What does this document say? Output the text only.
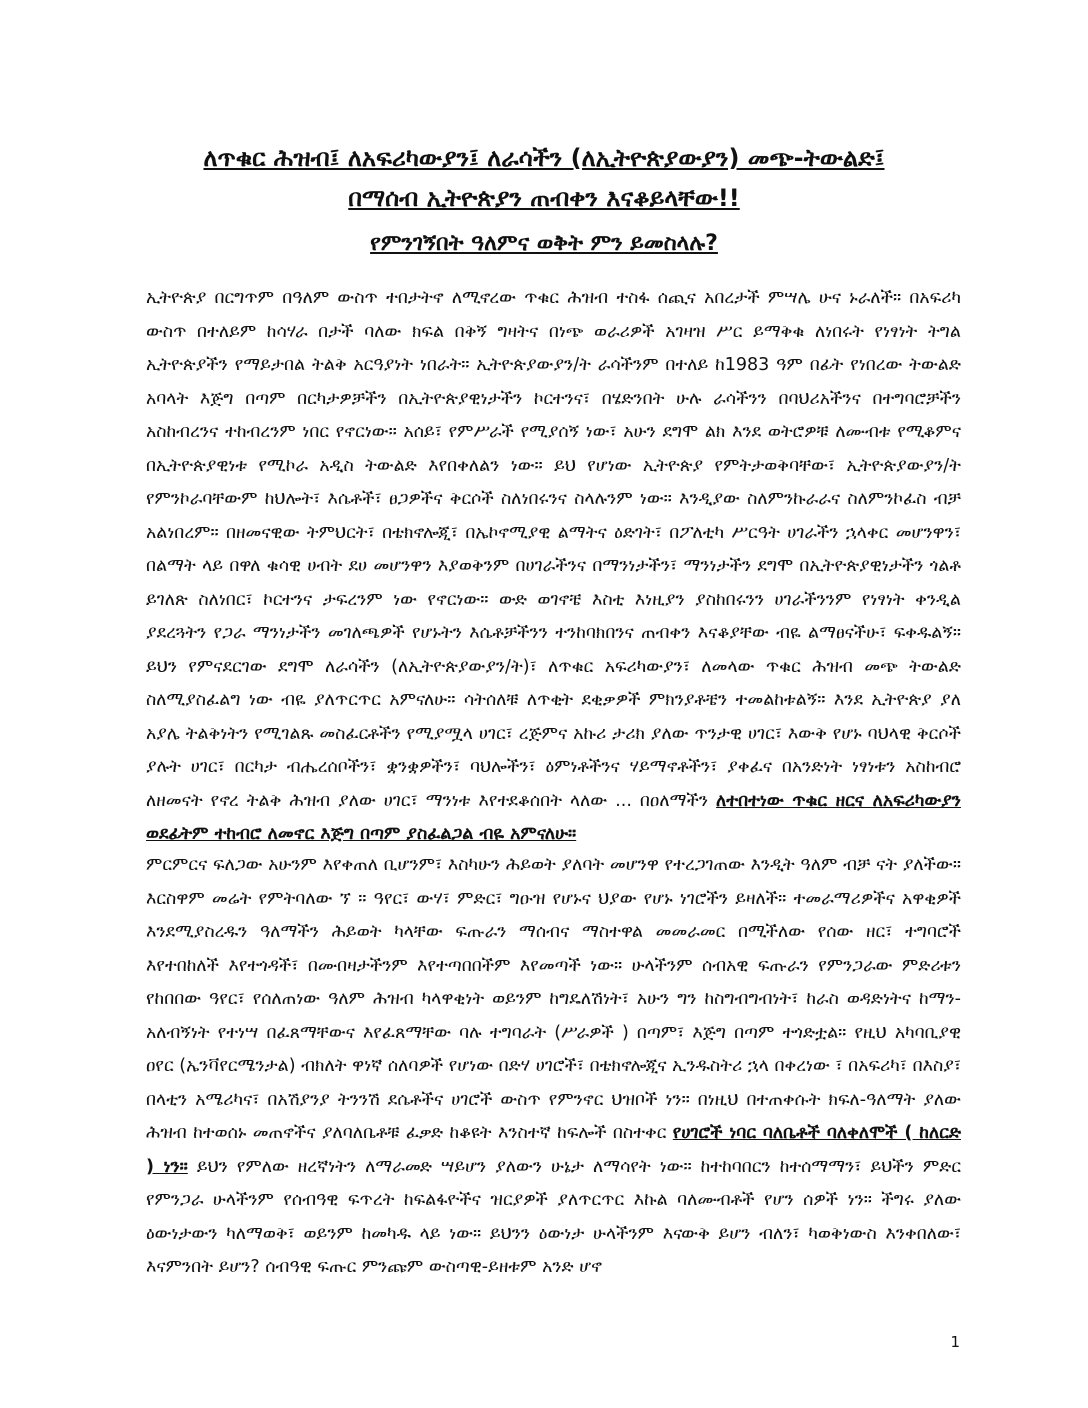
ለጥቁር ሕዝብ፤ ለአፍሪካውያን፤ ለራሳችን (ለኢትዮጵያውያን) መጭ-ትውልድ፤
በማሰብ ኢትዮጵያን ጠብቀን እናቆይላቸው!!
የምንገኝበት ዓለምና ወቅት ምን ይመስላሉ?
ኢትዮጵያ በርግጥም በዓለም ውስጥ ተበታትኖ ለሚኖረው ጥቁር ሕዝብ ተስፋ ሰጪና አበረታች ምሣሌ ሁና ኑራለች። በአፍሪካ ውስጥ በተለይም ከሳሃራ በታች ባለው ክፍል በቅኝ ግዛትና በነጭ ወራሪዎች አገዛዝ ሥር ይማቅቁ ለነበሩት የነፃነት ትግል ኢትዮጵያችን የማይታበል ትልቅ አርዓያነት ነበራት። ኢትዮጵያውያን/ት ራሳችንም በተለይ ከ1983 ዓም በፊት የነበረው ትውልድ አባላት እጅግ በጣም በርካታዎቻችን በኢትዮጵያዊነታችን ኮርተንና፣ በሄድንበት ሁሉ ራሳችንን በባህሪአችንና በተግባሮቻችን አስከብረንና ተከብረንም ነበር የኖርነው። አሰይ፣ የምሥራች የሚያሰኝ ነው፣ አሁን ደግሞ ልክ እንደ ወትሮዎቹ ለሙብቱ የሚቆምና በኢትዮጵያዊነቱ የሚኮራ አዲስ ትውልድ እየበቀለልን ነው። ይህ የሆነው ኢትዮጵያ የምትታወቅባቸው፣ ኢትዮጵያውያን/ት የምንኮራባቸውም ከህሎት፣ እሴቶች፣ ፀጋዎችና ቅርሶች ስለነበሩንና ስላሉንም ነው። እንዲያው ስለምንኩራራና ስለምንኮፈስ ብቻ አልነበረም። በዘመናዊው ትምህርት፣ በቴክኖሎጂ፣ በኤኮኖሚያዊ ልማትና ዕድገት፣ በፖለቲካ ሥርዓት ሀገራችን ኋላቀር መሆንዋን፣ በልማት ላይ በዋለ ቁሳዊ ሀብት ደሀ መሆንዋን እያወቅንም በሀገራችንና በማንነታችን፣ ማንነታችን ደግሞ በኢትዮጵያዊነታችን ጎልቶ ይገለጽ ስለነበር፣ ኮርተንና ታፍረንም ነው የኖርነው። ውድ ወገኖቼ እስቲ እነዚያን ያስከበሩንን ሀገራችንንም የነፃነት ቀንዲል ያደረጓትን የጋራ ማንነታችን መገለጫዎች የሆኑትን እሴቶቻችንን ተንከባክበንና ጠብቀን እናቆያቸው ብዬ ልማፀናችሁ፣ ፍቀዱልኝ። ይህን የምናደርገው ደግሞ ለራሳችን (ለኢትዮጵያውያን/ት)፣ ለጥቁር አፍሪካውያን፣ ለመላው ጥቁር ሕዝብ መጭ ትውልድ ስለሚያስፈልግ ነው ብዬ ያለጥርጥር አምናለሁ። ሳትሰለቹ ለጥቂት ደቂቃዎች ምክንያቶቼን ተመልከቱልኝ። እንደ ኢትዮጵያ ያለ አያሌ ትልቅነትን የሚገልጹ መስፈርቶችን የሚያሟላ ሀገር፣ ረጅምና አኩሪ ታሪክ ያለው ጥንታዊ ሀገር፣ እውቅ የሆኑ ባህላዊ ቅርሶች ያሉት ሀገር፣ በርካታ ብሔረሰቦችን፣ ቋንቋዎችን፣ ባህሎችን፣ ዕምነቶችንና ሃይማኖቶችን፣ ያቀፈና በአንድነት ነፃነቱን አስከብሮ ለዘመናት የኖረ ትልቅ ሕዝብ ያለው ሀገር፣ ማንነቱ እየተደቆሰበት ላለው ... በዐለማችን ለተበተነው ጥቁር ዘርና ለአፍሪካውያን ወደፊትም ተከብሮ ለመኖር እጅግ በጣም ያስፈልጋል ብዬ አምናለሁ።
ምርምርና ፍለጋው አሁንም እየቀጠለ ቢሆንም፣ እስካሁን ሕይወት ያለባት መሆንዋ የተረጋገጠው እንዲት ዓለም ብቻ ናት ያለችው። እርስዋም መሬት የምትባለው ኘ ። ዓየር፣ ውሃ፣ ምድር፣ ግዑዝ የሆኑና ህያው የሆኑ ነገሮችን ይዛለች። ተመራማሪዎችና አዋቂዎች እንደሚያስረዱን ዓለማችን ሕይወት ካላቸው ፍጡራን ማሰብና ማስተዋል መመራመር በሚችለው የሰው ዘር፣ ተግባሮች እየተበከለች እየተጎዳች፣ በሙበዛታችንም እየተጣበበችም እየመጣች ነው። ሁላችንም ሰብአዊ ፍጡራን የምንጋራው ምድሪቱን የከበበው ዓየር፣ የሰለጠነው ዓለም ሕዝብ ካላዋቂነት ወይንም ከግዴለሽነት፣ አሁን ግን ከስግብግብነት፣ ከራስ ወዳድነትና ከማን-አለብኝነት የተነሣ በፈጸማቸውና እየፈጸማቸው ባሉ ተግባራት (ሥራዎች ) በጣም፣ እጅግ በጣም ተጎድቷል። የዚህ አካባቢያዊ ዐየር (ኤንቫየርሜንታል) ብክለት ዋነኛ ሰለባዎች የሆነው በድሃ ሀገሮች፣ በቴክኖሎጂና ኢንዱስትሪ ኋላ በቀረነው ፣ በአፍሪካ፣ በእስያ፣ በላቲን አሜሪካና፣ በአሽያንያ ትንንሽ ደሴቶችና ሀገሮች ውስጥ የምንኖር ህዝቦች ነን። በነዚህ በተጠቀሱት ክፍለ-ዓለማት ያለው ሕዝብ ከተወሰኑ መጠኖችና ያለባለቤቶቹ ፈቃድ ከቆዩት እንስተኛ ከፍሎች በስተቀር የሀገሮች ነባር ባለቤቶች ባለቀለሞች ( ከለርድ ) ነን። ይህን የምለው ዘረኛነትን ለማራመድ ሣይሆን ያለውን ሁኔታ ለማሳየት ነው። ከተከባበርን ከተሰማማን፣ ይህችን ምድር የምንጋራ ሁላችንም የሰብዓዊ ፍጥረት ከፍልፋዮችና ዝርያዎች ያለጥርጥር እኩል ባለሙብቶች የሆን ሰዎች ነን። ችግሩ ያለው ዕውነታውን ካለማወቅ፣ ወይንም ከመካዱ ላይ ነው። ይህንን ዕውነታ ሁላችንም እናውቅ ይሆን ብለን፣ ካወቅነውስ እንቀበለው፣ እናምንበት ይሆን? ሰብዓዊ ፍጡር ምንጩም ውስጣዊ-ይዘቱም አንድ ሆኖ
1
